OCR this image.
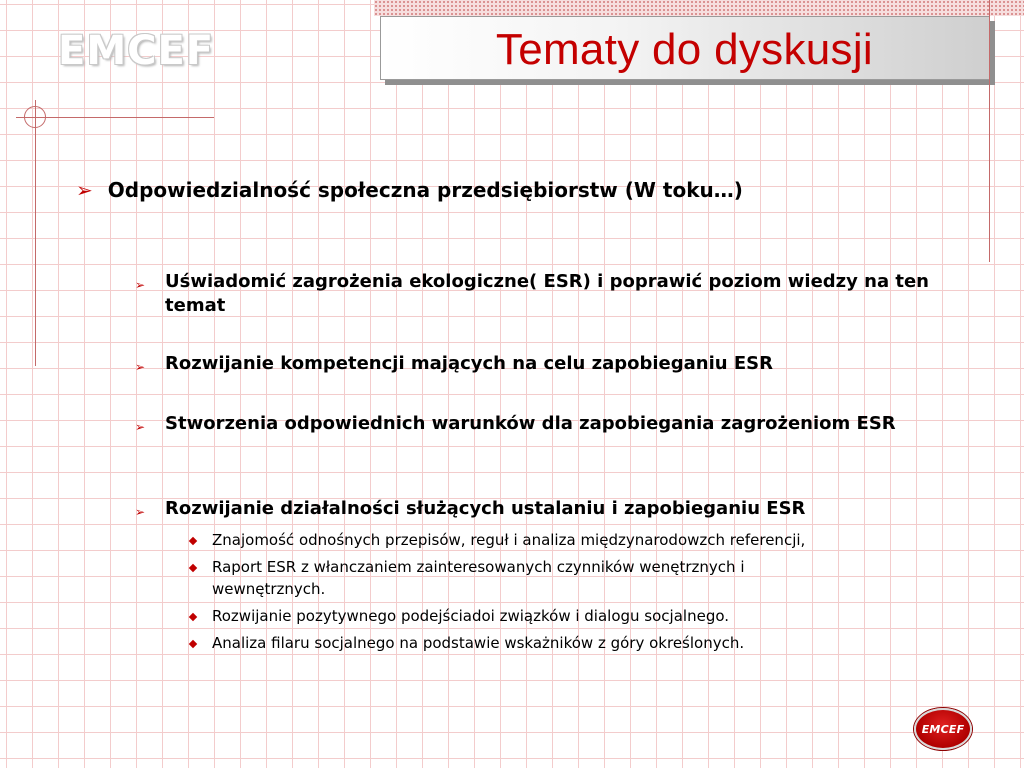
EMCEF	Tematy do dyskusji
➢ Odpowiedzialność społeczna przedsiębiorstw (W toku…)
➢	Uświadomić zagrożenia ekologiczne( ESR) i poprawić poziom wiedzy na ten temat
➢	Rozwijanie kompetencji mających na celu zapobieganiu ESR
➢	Stworzenia odpowiednich warunków dla zapobiegania zagrożeniom ESR
➢	Rozwijanie działalności służących ustalaniu i zapobieganiu ESR
Znajomość odnośnych przepisów, reguł i analiza międzynarodowzch referencji,
Raport ESR z włanczaniem zainteresowanych czynników wenętrznych i wewnętrznych.
Rozwijanie pozytywnego podejściadoi związków i dialogu socjalnego.
Analiza filaru socjalnego na podstawie wskażników z góry określonych.
EMCEF
